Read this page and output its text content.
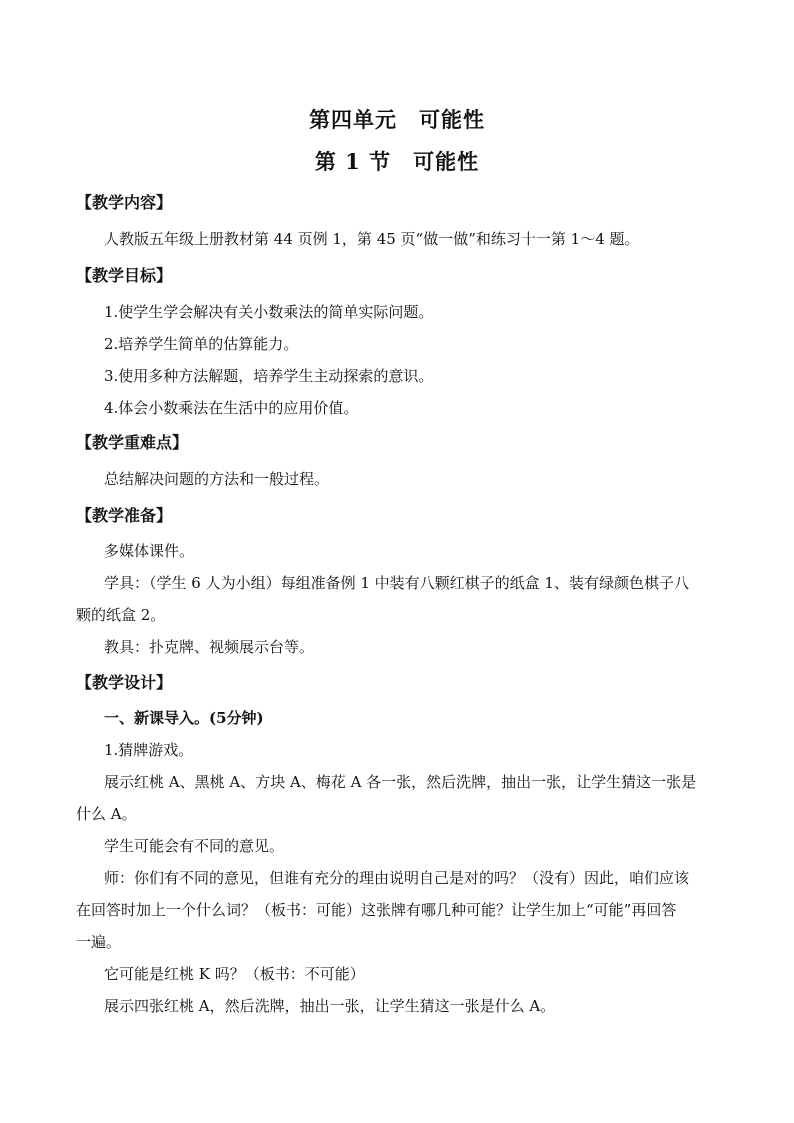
第四单元　可能性
第 1 节　可能性
【教学内容】
人教版五年级上册教材第 44 页例 1，第 45 页“做一做”和练习十一第 1～4 题。
【教学目标】
1.使学生学会解决有关小数乘法的简单实际问题。
2.培养学生简单的估算能力。
3.使用多种方法解题，培养学生主动探索的意识。
4.体会小数乘法在生活中的应用价值。
【教学重难点】
总结解决问题的方法和一般过程。
【教学准备】
多媒体课件。
学具：（学生 6 人为小组）每组准备例 1 中装有八颗红棋子的纸盒 1、装有绿颜色棋子八
颗的纸盒 2。
教具：扑克牌、视频展示台等。
【教学设计】
一、新课导入。(5分钟)
1.猜牌游戏。
展示红桃 A、黑桃 A、方块 A、梅花 A 各一张，然后洗牌，抽出一张，让学生猜这一张是
什么 A。
学生可能会有不同的意见。
师：你们有不同的意见，但谁有充分的理由说明自己是对的吗？（没有）因此，咱们应该
在回答时加上一个什么词？（板书：可能）这张牌有哪几种可能？让学生加上“可能”再回答
一遍。
它可能是红桃 K 吗？（板书：不可能）
展示四张红桃 A，然后洗牌，抽出一张，让学生猜这一张是什么 A。
